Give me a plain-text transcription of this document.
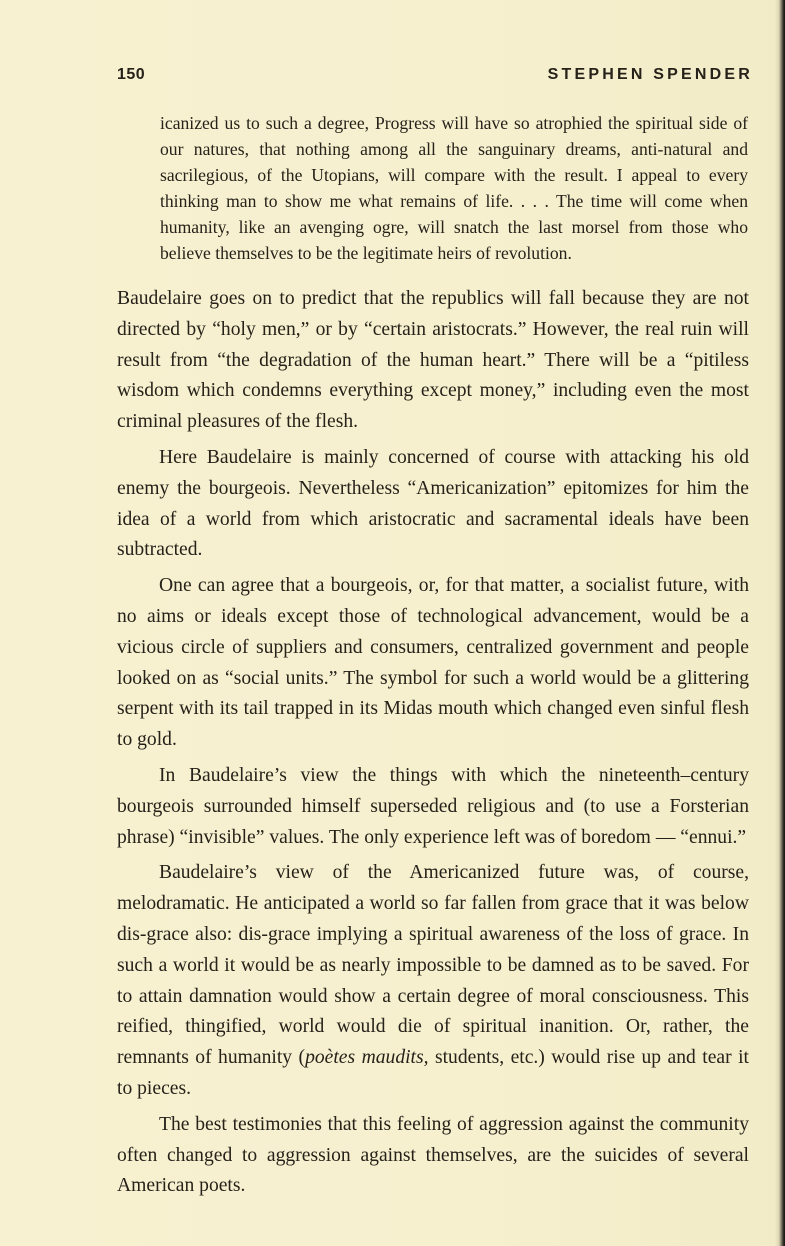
150	STEPHEN SPENDER
icanized us to such a degree, Progress will have so atrophied the spiritual side of our natures, that nothing among all the sanguinary dreams, anti-natural and sacrilegious, of the Utopians, will compare with the result. I appeal to every thinking man to show me what remains of life. . . . The time will come when humanity, like an avenging ogre, will snatch the last morsel from those who believe themselves to be the legitimate heirs of revolution.

Baudelaire goes on to predict that the republics will fall because they are not directed by “holy men,” or by “certain aristocrats.” However, the real ruin will result from “the degradation of the human heart.” There will be a “pitiless wisdom which condemns everything except money,” including even the most criminal pleasures of the flesh.

Here Baudelaire is mainly concerned of course with attacking his old enemy the bourgeois. Nevertheless “Americanization” epitomizes for him the idea of a world from which aristocratic and sacramental ideals have been subtracted.

One can agree that a bourgeois, or, for that matter, a socialist future, with no aims or ideals except those of technological advancement, would be a vicious circle of suppliers and consumers, centralized government and people looked on as “social units.” The symbol for such a world would be a glittering serpent with its tail trapped in its Midas mouth which changed even sinful flesh to gold.

In Baudelaire’s view the things with which the nineteenth–century bourgeois surrounded himself superseded religious and (to use a Forsterian phrase) “invisible” values. The only experience left was of boredom — “ennui.”

Baudelaire’s view of the Americanized future was, of course, melodramatic. He anticipated a world so far fallen from grace that it was below dis-grace also: dis-grace implying a spiritual awareness of the loss of grace. In such a world it would be as nearly impossible to be damned as to be saved. For to attain damnation would show a certain degree of moral consciousness. This reified, thingified, world would die of spiritual inanition. Or, rather, the remnants of humanity (poètes maudits, students, etc.) would rise up and tear it to pieces.

The best testimonies that this feeling of aggression against the community often changed to aggression against themselves, are the suicides of several American poets.
